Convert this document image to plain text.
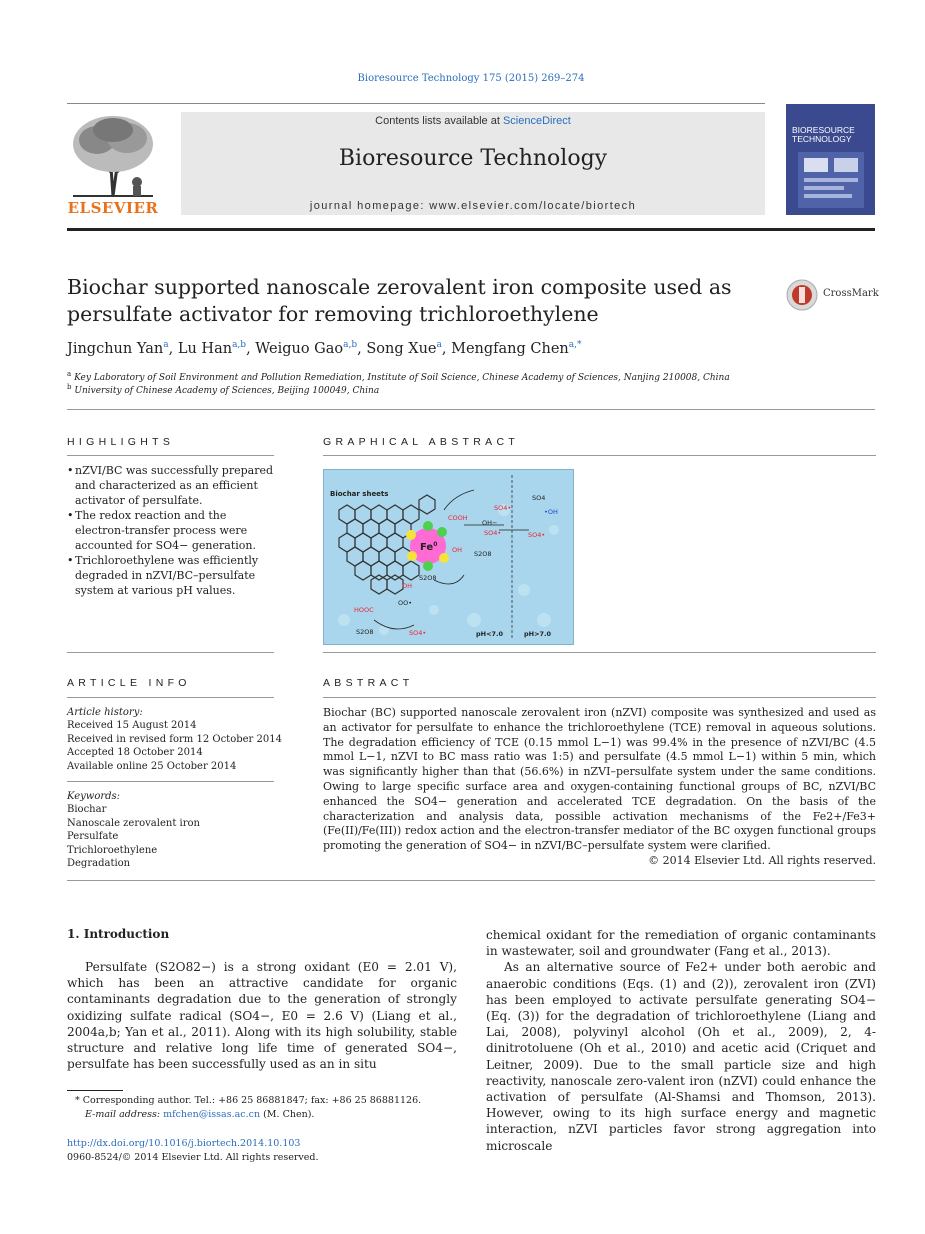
Bioresource Technology 175 (2015) 269–274
ELSEVIER
Contents lists available at ScienceDirect
Bioresource Technology
journal homepage: www.elsevier.com/locate/biortech
BIORESOURCE
TECHNOLOGY
Biochar supported nanoscale zerovalent iron composite used as
persulfate activator for removing trichloroethylene
CrossMark
Jingchun Yan$^a$, Lu Han$^{a,b}$, Weiguo Gao$^{a,b}$, Song Xue$^a$, Mengfang Chen$^{a,*}$
$^a$ Key Laboratory of Soil Environment and Pollution Remediation, Institute of Soil Science, Chinese Academy of Sciences, Nanjing 210008, China
$^b$ University of Chinese Academy of Sciences, Beijing 100049, China
HIGHLIGHTS
• nZVI/BC was successfully prepared and characterized as an efficient activator of persulfate.
• The redox reaction and the electron-transfer process were accounted for SO4− generation.
• Trichloroethylene was efficiently degraded in nZVI/BC–persulfate system at various pH values.
GRAPHICAL ABSTRACT
Fe$^0$
Biochar sheets
COOH
OH
OH
HOOC
OO•
OH−
S2O8
S2O8
S2O8
SO4•
SO4•	SO4•
SO4•
SO4
•OH
pH<7.0	pH>7.0
ARTICLE INFO
Article history:
Received 15 August 2014
Received in revised form 12 October 2014
Accepted 18 October 2014
Available online 25 October 2014
Keywords:
Biochar
Nanoscale zerovalent iron
Persulfate
Trichloroethylene
Degradation
ABSTRACT
Biochar (BC) supported nanoscale zerovalent iron (nZVI) composite was synthesized and used as an activator for persulfate to enhance the trichloroethylene (TCE) removal in aqueous solutions. The degradation efficiency of TCE (0.15 mmol L−1) was 99.4% in the presence of nZVI/BC (4.5 mmol L−1, nZVI to BC mass ratio was 1:5) and persulfate (4.5 mmol L−1) within 5 min, which was significantly higher than that (56.6%) in nZVI–persulfate system under the same conditions. Owing to large specific surface area and oxygen-containing functional groups of BC, nZVI/BC enhanced the SO4− generation and accelerated TCE degradation. On the basis of the characterization and analysis data, possible activation mechanisms of the Fe2+/Fe3+ (Fe(II)/Fe(III)) redox action and the electron-transfer mediator of the BC oxygen functional groups promoting the generation of SO4− in nZVI/BC–persulfate system were clarified.
© 2014 Elsevier Ltd. All rights reserved.
1. Introduction

Persulfate (S2O82−) is a strong oxidant (E0 = 2.01 V), which has been an attractive candidate for organic contaminants degradation due to the generation of strongly oxidizing sulfate radical (SO4−, E0 = 2.6 V) (Liang et al., 2004a,b; Yan et al., 2011). Along with its high solubility, stable structure and relative long life time of generated SO4−, persulfate has been successfully used as an in situ

chemical oxidant for the remediation of organic contaminants in wastewater, soil and groundwater (Fang et al., 2013).

As an alternative source of Fe2+ under both aerobic and anaerobic conditions (Eqs. (1) and (2)), zerovalent iron (ZVI) has been employed to activate persulfate generating SO4− (Eq. (3)) for the degradation of trichloroethylene (Liang and Lai, 2008), polyvinyl alcohol (Oh et al., 2009), 2, 4-dinitrotoluene (Oh et al., 2010) and acetic acid (Criquet and Leitner, 2009). Due to the small particle size and high reactivity, nanoscale zero-valent iron (nZVI) could enhance the activation of persulfate (Al-Shamsi and Thomson, 2013). However, owing to its high surface energy and magnetic interaction, nZVI particles favor strong aggregation into microscale

* Corresponding author. Tel.: +86 25 86881847; fax: +86 25 86881126.
E-mail address: mfchen@issas.ac.cn (M. Chen).
http://dx.doi.org/10.1016/j.biortech.2014.10.103
0960-8524/© 2014 Elsevier Ltd. All rights reserved.
